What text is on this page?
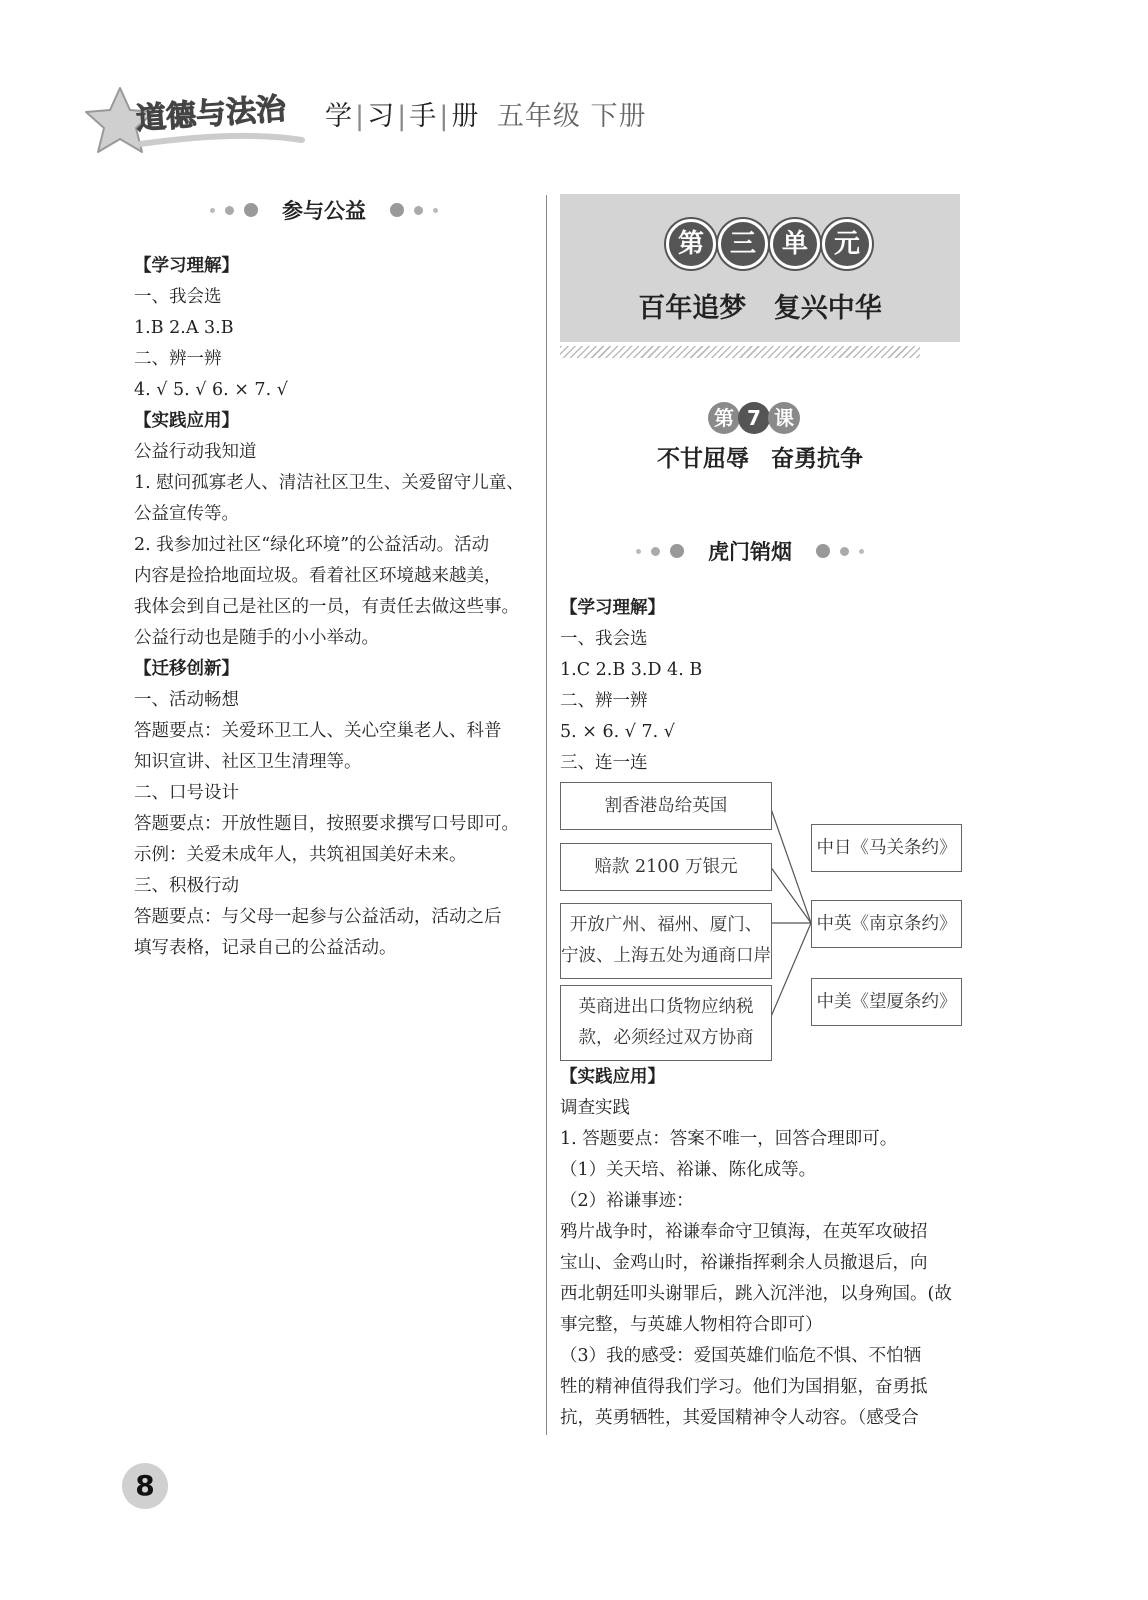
道德与法治 学|习|手|册 五年级 下册
参与公益

【学习理解】

一、我会选

1.B 2.A 3.B

二、辨一辨

4. √ 5. √ 6. × 7. √

【实践应用】

公益行动我知道

1. 慰问孤寡老人、清洁社区卫生、关爱留守儿童、

公益宣传等。

2. 我参加过社区“绿化环境”的公益活动。活动

内容是捡拾地面垃圾。看着社区环境越来越美，

我体会到自己是社区的一员，有责任去做这些事。

公益行动也是随手的小小举动。

【迁移创新】

一、活动畅想

答题要点：关爱环卫工人、关心空巢老人、科普

知识宣讲、社区卫生清理等。

二、口号设计

答题要点：开放性题目，按照要求撰写口号即可。

示例：关爱未成年人，共筑祖国美好未来。

三、积极行动

答题要点：与父母一起参与公益活动，活动之后

填写表格，记录自己的公益活动。

第 三 单 元
百年追梦 复兴中华
第 7 课
不甘屈辱 奋勇抗争
虎门销烟

【学习理解】

一、我会选

1.C 2.B 3.D 4. B

二、辨一辨

5. × 6. √ 7. √

三、连一连

割香港岛给英国
赔款 2100 万银元
开放广州、福州、厦门、
宁波、上海五处为通商口岸
英商进出口货物应纳税
款，必须经过双方协商
中日《马关条约》
中英《南京条约》
中美《望厦条约》

【实践应用】

调查实践

1. 答题要点：答案不唯一，回答合理即可。

（1）关天培、裕谦、陈化成等。

（2）裕谦事迹：

鸦片战争时，裕谦奉命守卫镇海，在英军攻破招

宝山、金鸡山时，裕谦指挥剩余人员撤退后，向

西北朝廷叩头谢罪后，跳入沉泮池，以身殉国。(故

事完整，与英雄人物相符合即可）

（3）我的感受：爱国英雄们临危不惧、不怕牺

牲的精神值得我们学习。他们为国捐躯，奋勇抵

抗，英勇牺牲，其爱国精神令人动容。（感受合

8
